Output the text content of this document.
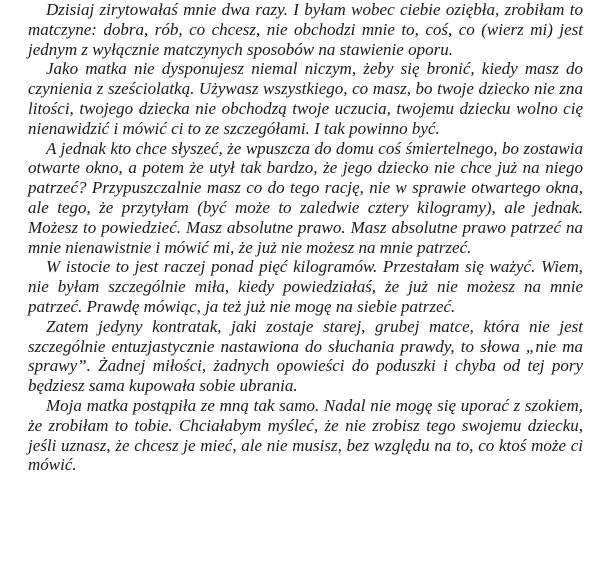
Dzisiaj zirytowałaś mnie dwa razy. I byłam wobec ciebie oziębła, zrobiłam to matczyne: dobra, rób, co chcesz, nie obchodzi mnie to, coś, co (wierz mi) jest jednym z wyłącznie matczynych sposobów na stawienie oporu.

Jako matka nie dysponujesz niemal niczym, żeby się bronić, kiedy masz do czynienia z sześciolatką. Używasz wszystkiego, co masz, bo twoje dziecko nie zna litości, twojego dziecka nie obchodzą twoje uczucia, twojemu dziecku wolno cię nienawidzić i mówić ci to ze szczegółami. I tak powinno być.

A jednak kto chce słyszeć, że wpuszcza do domu coś śmiertelnego, bo zostawia otwarte okno, a potem że utył tak bardzo, że jego dziecko nie chce już na niego patrzeć? Przypuszczalnie masz co do tego rację, nie w sprawie otwartego okna, ale tego, że przytyłam (być może to zaledwie cztery kilogramy), ale jednak. Możesz to powiedzieć. Masz absolutne prawo. Masz absolutne prawo patrzeć na mnie nienawistnie i mówić mi, że już nie możesz na mnie patrzeć.

W istocie to jest raczej ponad pięć kilogramów. Przestałam się ważyć. Wiem, nie byłam szczególnie miła, kiedy powiedziałaś, że już nie możesz na mnie patrzeć. Prawdę mówiąc, ja też już nie mogę na siebie patrzeć.

Zatem jedyny kontratak, jaki zostaje starej, grubej matce, która nie jest szczególnie entuzjastycznie nastawiona do słuchania prawdy, to słowa „nie ma sprawy”. Żadnej miłości, żadnych opowieści do poduszki i chyba od tej pory będziesz sama kupowała sobie ubrania.

Moja matka postąpiła ze mną tak samo. Nadal nie mogę się uporać z szokiem, że zrobiłam to tobie. Chciałabym myśleć, że nie zrobisz tego swojemu dziecku, jeśli uznasz, że chcesz je mieć, ale nie musisz, bez względu na to, co ktoś może ci mówić.
